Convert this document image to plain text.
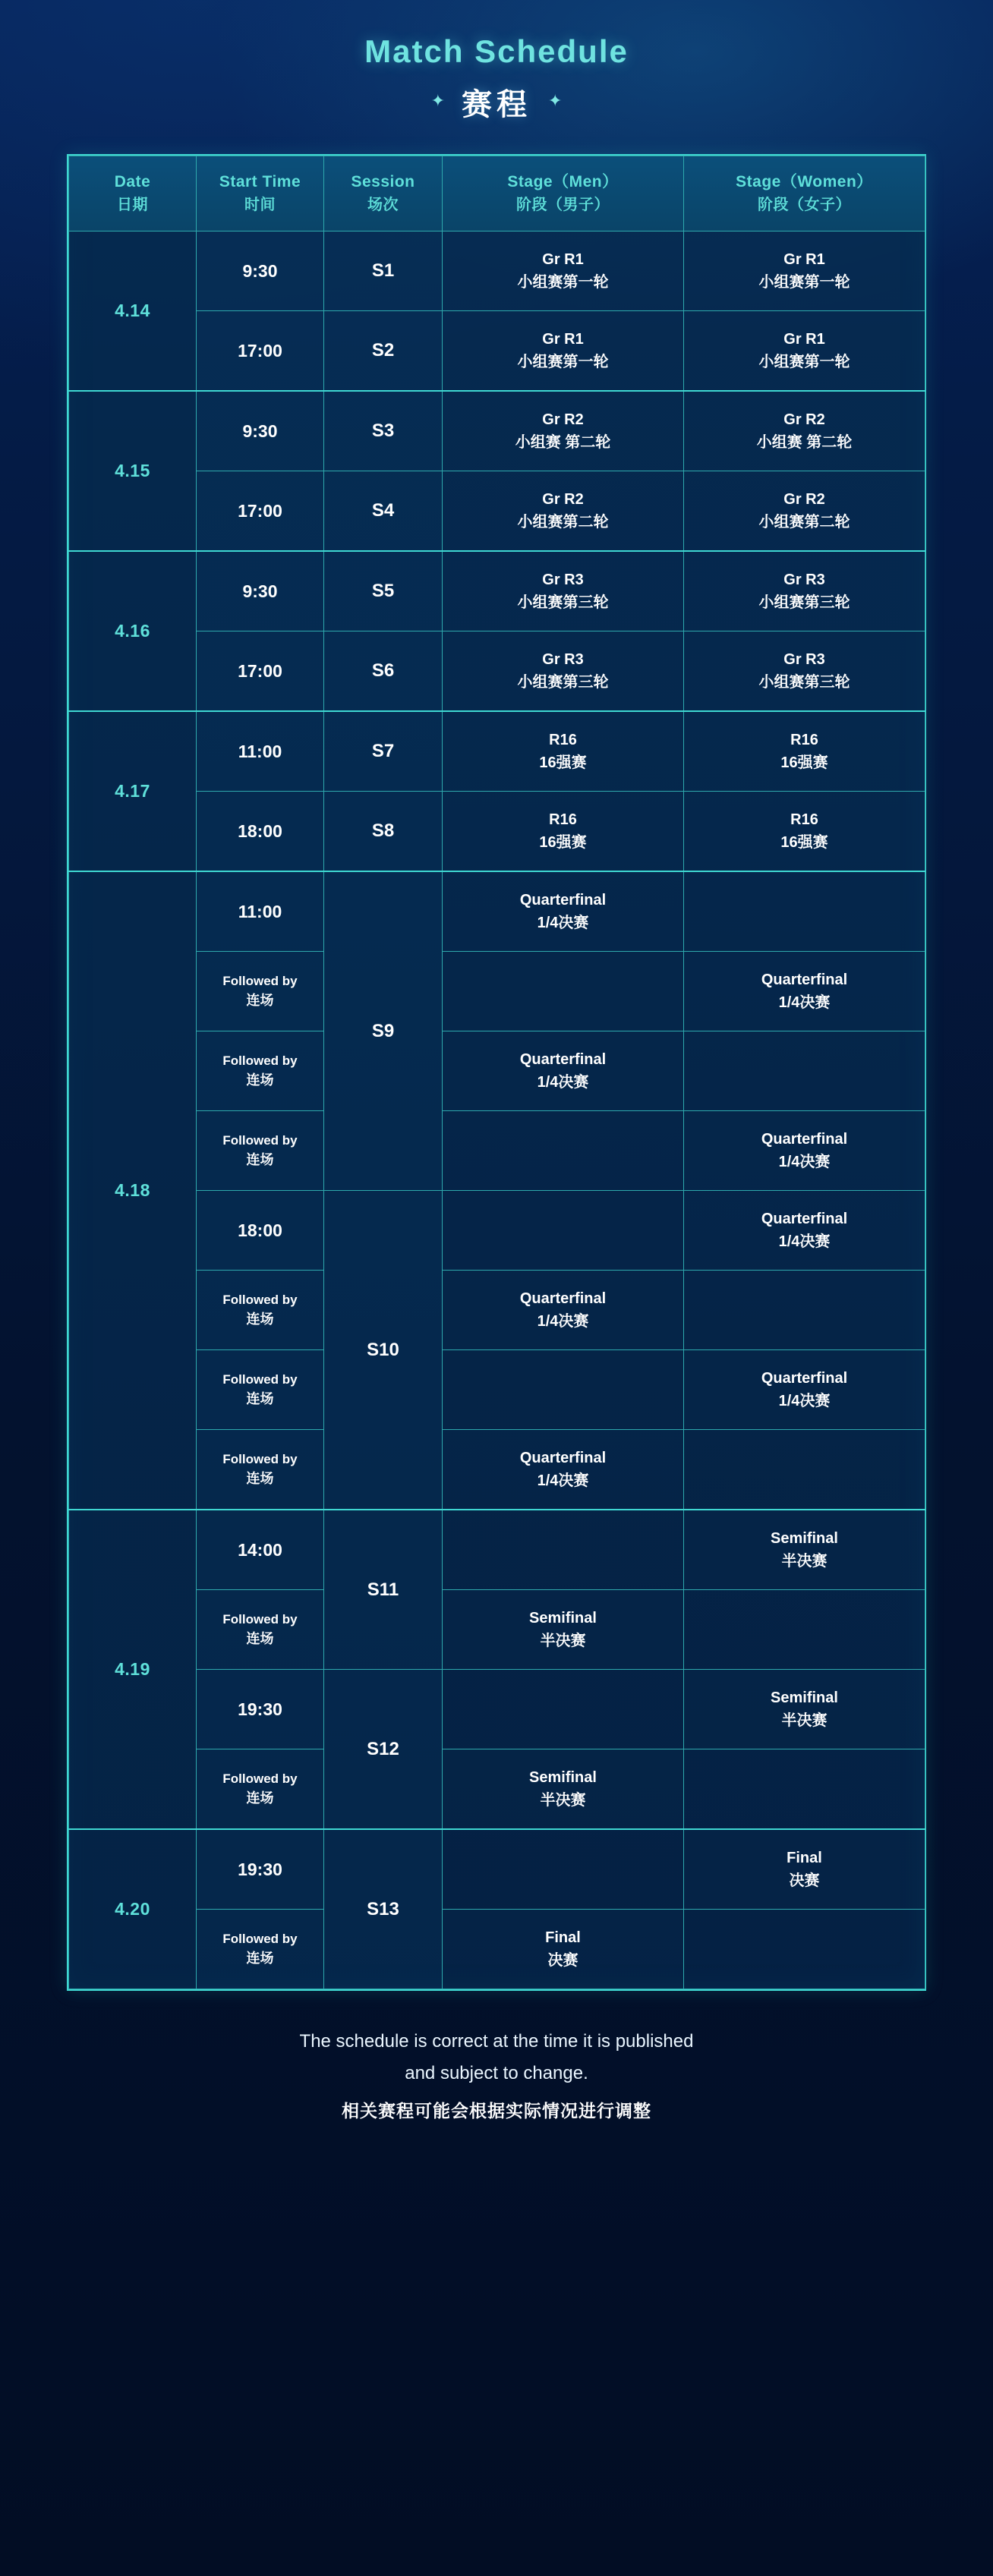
Match Schedule
✦ 赛程 ✦
Date
日期	Start Time
时间	Session
场次	Stage（Men）
阶段（男子）	Stage（Women）
阶段（女子）

4.14	9:30	S1	Gr R1
小组赛第一轮	Gr R1
小组赛第一轮

	17:00	S2	Gr R1
小组赛第一轮	Gr R1
小组赛第一轮

4.15	9:30	S3	Gr R2
小组赛 第二轮	Gr R2
小组赛 第二轮

	17:00	S4	Gr R2
小组赛第二轮	Gr R2
小组赛第二轮

4.16	9:30	S5	Gr R3
小组赛第三轮	Gr R3
小组赛第三轮

	17:00	S6	Gr R3
小组赛第三轮	Gr R3
小组赛第三轮

4.17	11:00	S7	R16
16强赛	R16
16强赛

	18:00	S8	R16
16强赛	R16
16强赛

4.18	11:00	S9	Quarterfinal
1/4决赛	

	Followed by
连场			Quarterfinal
1/4决赛

	Followed by
连场		Quarterfinal
1/4决赛	

	Followed by
连场			Quarterfinal
1/4决赛

	18:00	S10		Quarterfinal
1/4决赛

	Followed by
连场		Quarterfinal
1/4决赛	

	Followed by
连场			Quarterfinal
1/4决赛

	Followed by
连场		Quarterfinal
1/4决赛	

4.19	14:00	S11		Semifinal
半决赛

	Followed by
连场		Semifinal
半决赛	

	19:30	S12		Semifinal
半决赛

	Followed by
连场		Semifinal
半决赛	

4.20	19:30	S13		Final
决赛

	Followed by
连场		Final
决赛	

The schedule is correct at the time it is published
and subject to change.
相关赛程可能会根据实际情况进行调整
